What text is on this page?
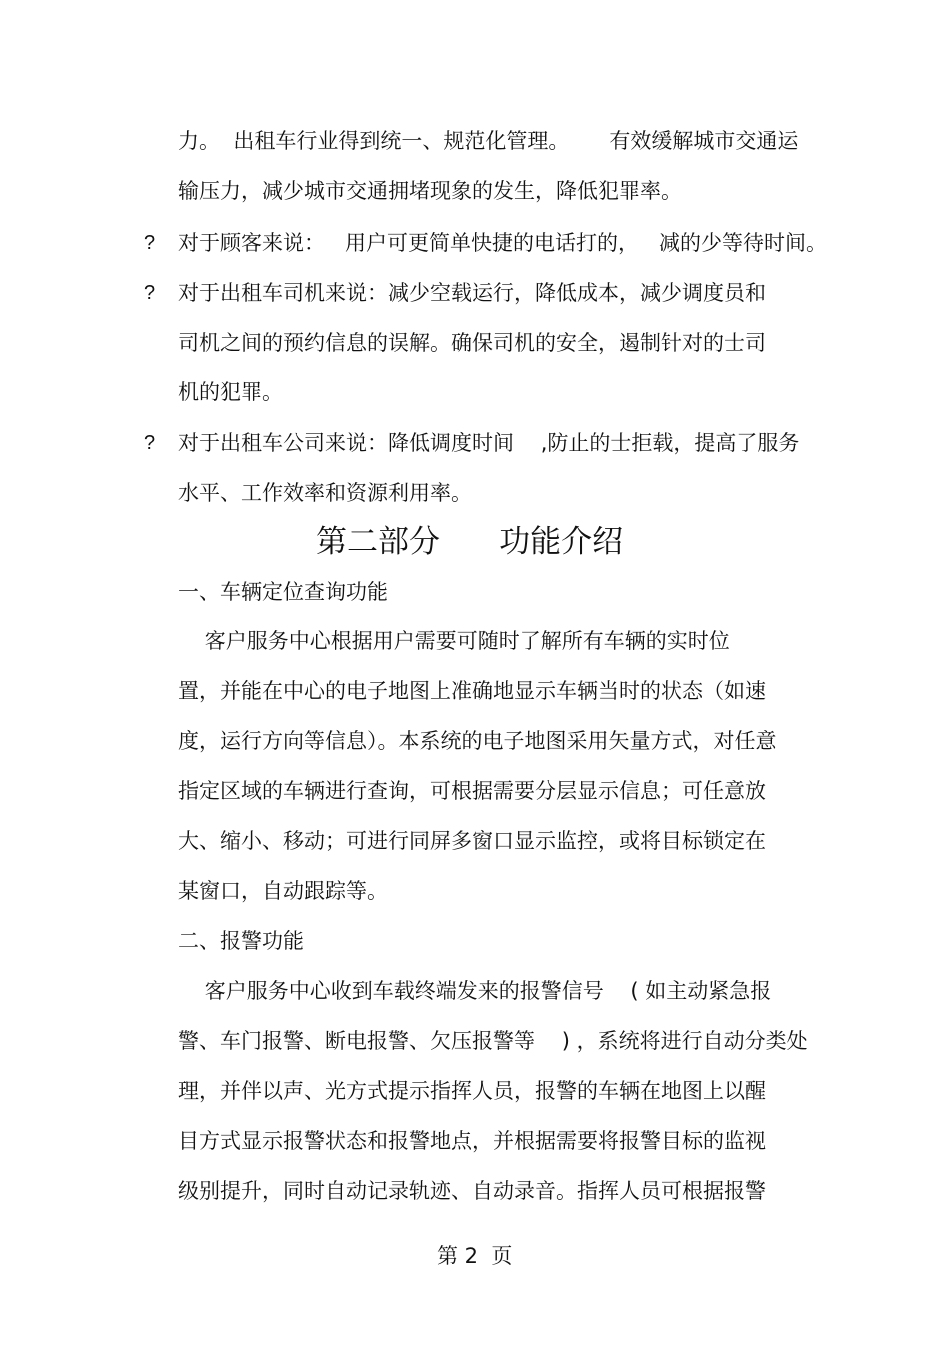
力。  出租车行业得到统一、规范化管理。      有效缓解城市交通运
输压力，减少城市交通拥堵现象的发生，降低犯罪率。
? 对于顾客来说：   用户可更简单快捷的电话打的，   减的少等待时间。
? 对于出租车司机来说：减少空载运行，降低成本，减少调度员和
司机之间的预约信息的误解。确保司机的安全，遏制针对的士司
机的犯罪。
? 对于出租车公司来说：降低调度时间    ,防止的士拒载，提高了服务
水平、工作效率和资源利用率。
第二部分      功能介绍
一、车辆定位查询功能
客户服务中心根据用户需要可随时了解所有车辆的实时位
置，并能在中心的电子地图上准确地显示车辆当时的状态（如速
度，运行方向等信息）。本系统的电子地图采用矢量方式，对任意
指定区域的车辆进行查询，可根据需要分层显示信息；可任意放
大、缩小、移动；可进行同屏多窗口显示监控，或将目标锁定在
某窗口，自动跟踪等。
二、报警功能
客户服务中心收到车载终端发来的报警信号    ( 如主动紧急报
警、车门报警、断电报警、欠压报警等    ) ，系统将进行自动分类处
理，并伴以声、光方式提示指挥人员，报警的车辆在地图上以醒
目方式显示报警状态和报警地点，并根据需要将报警目标的监视
级别提升，同时自动记录轨迹、自动录音。指挥人员可根据报警
第 2  页
